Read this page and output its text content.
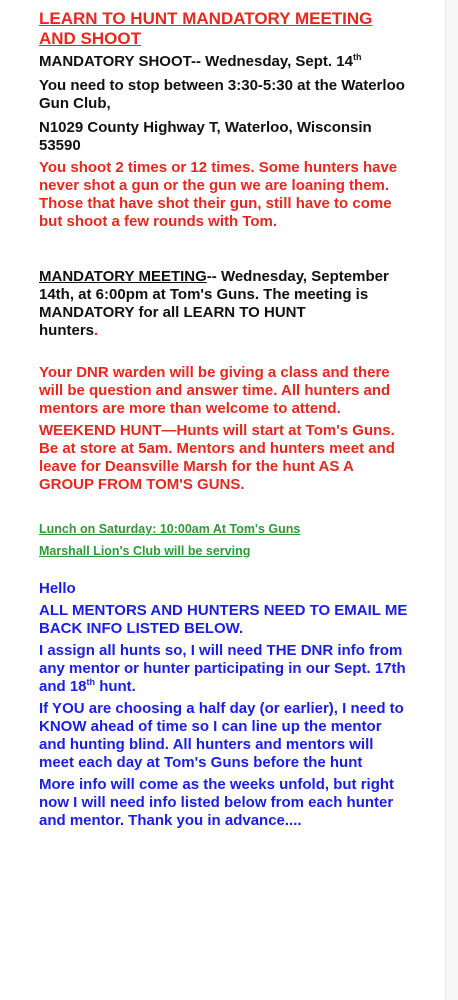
LEARN TO HUNT MANDATORY MEETING AND SHOOT

MANDATORY SHOOT-- Wednesday, Sept. 14th

You need to stop between 3:30-5:30 at the Waterloo Gun Club,

N1029 County Highway T, Waterloo, Wisconsin 53590

You shoot 2 times or 12 times. Some hunters have never shot a gun or the gun we are loaning them. Those that have shot their gun, still have to come but shoot a few rounds with Tom.

MANDATORY MEETING-- Wednesday, September 14th, at 6:00pm at Tom's Guns. The meeting is MANDATORY for all LEARN TO HUNT
hunters.

Your DNR warden will be giving a class and there will be question and answer time. All hunters and mentors are more than welcome to attend.

WEEKEND HUNT—Hunts will start at Tom's Guns. Be at store at 5am. Mentors and hunters meet and leave for Deansville Marsh for the hunt AS A GROUP FROM TOM'S GUNS.

Lunch on Saturday: 10:00am At Tom's Guns

Marshall Lion's Club will be serving

Hello

ALL MENTORS AND HUNTERS NEED TO EMAIL ME BACK INFO LISTED BELOW.

I assign all hunts so, I will need THE DNR info from any mentor or hunter participating in our Sept. 17th and 18th hunt.

If YOU are choosing a half day (or earlier), I need to KNOW ahead of time so I can line up the mentor and hunting blind. All hunters and mentors will meet each day at Tom's Guns before the hunt

More info will come as the weeks unfold, but right now I will need info listed below from each hunter and mentor. Thank you in advance....
